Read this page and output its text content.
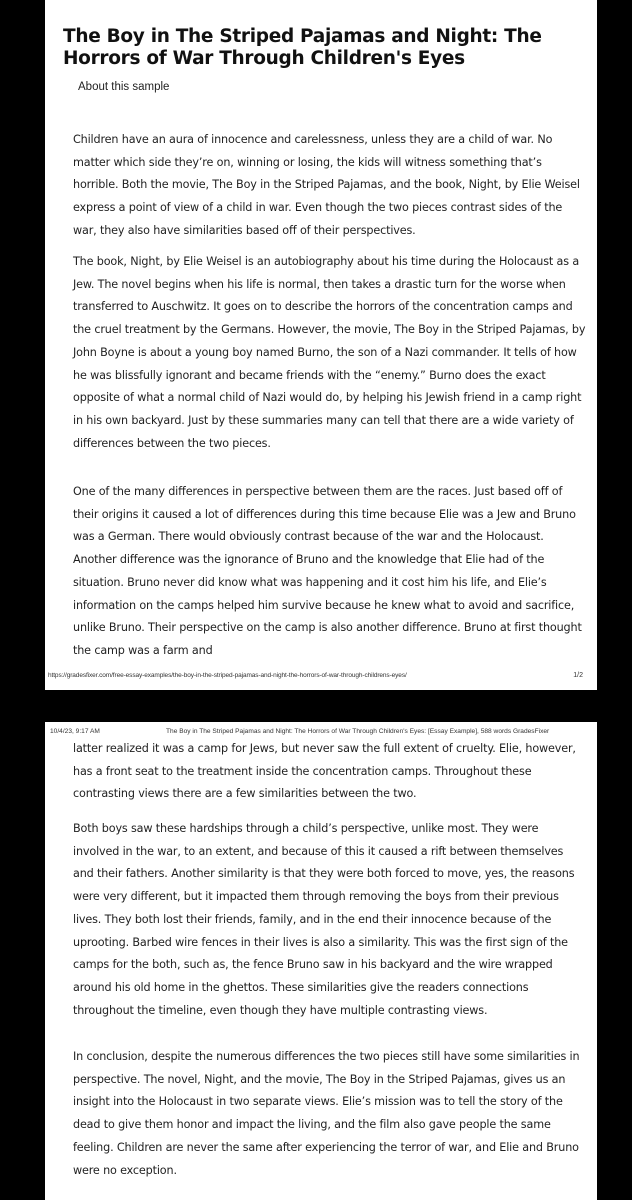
The Boy in The Striped Pajamas and Night: The Horrors of War Through Children's Eyes
About this sample

Children have an aura of innocence and carelessness, unless they are a child of war. No matter which side they’re on, winning or losing, the kids will witness something that’s horrible. Both the movie, The Boy in the Striped Pajamas, and the book, Night, by Elie Weisel express a point of view of a child in war. Even though the two pieces contrast sides of the war, they also have similarities based off of their perspectives.

The book, Night, by Elie Weisel is an autobiography about his time during the Holocaust as a Jew. The novel begins when his life is normal, then takes a drastic turn for the worse when transferred to Auschwitz. It goes on to describe the horrors of the concentration camps and the cruel treatment by the Germans. However, the movie, The Boy in the Striped Pajamas, by John Boyne is about a young boy named Burno, the son of a Nazi commander. It tells of how he was blissfully ignorant and became friends with the “enemy.” Burno does the exact opposite of what a normal child of Nazi would do, by helping his Jewish friend in a camp right in his own backyard. Just by these summaries many can tell that there are a wide variety of differences between the two pieces.

One of the many differences in perspective between them are the races. Just based off of their origins it caused a lot of differences during this time because Elie was a Jew and Bruno was a German. There would obviously contrast because of the war and the Holocaust. Another difference was the ignorance of Bruno and the knowledge that Elie had of the situation. Bruno never did know what was happening and it cost him his life, and Elie’s information on the camps helped him survive because he knew what to avoid and sacrifice, unlike Bruno. Their perspective on the camp is also another difference. Bruno at first thought the camp was a farm and

https://gradesfixer.com/free-essay-examples/the-boy-in-the-striped-pajamas-and-night-the-horrors-of-war-through-childrens-eyes/	1/2
10/4/23, 9:17 AM	The Boy in The Striped Pajamas and Night: The Horrors of War Through Children's Eyes: [Essay Example], 588 words GradesFixer

latter realized it was a camp for Jews, but never saw the full extent of cruelty. Elie, however, has a front seat to the treatment inside the concentration camps. Throughout these contrasting views there are a few similarities between the two.

Both boys saw these hardships through a child’s perspective, unlike most. They were involved in the war, to an extent, and because of this it caused a rift between themselves and their fathers. Another similarity is that they were both forced to move, yes, the reasons were very different, but it impacted them through removing the boys from their previous lives. They both lost their friends, family, and in the end their innocence because of the uprooting. Barbed wire fences in their lives is also a similarity. This was the first sign of the camps for the both, such as, the fence Bruno saw in his backyard and the wire wrapped around his old home in the ghettos. These similarities give the readers connections throughout the timeline, even though they have multiple contrasting views.

In conclusion, despite the numerous differences the two pieces still have some similarities in perspective. The novel, Night, and the movie, The Boy in the Striped Pajamas, gives us an insight into the Holocaust in two separate views. Elie’s mission was to tell the story of the dead to give them honor and impact the living, and the film also gave people the same feeling. Children are never the same after experiencing the terror of war, and Elie and Bruno were no exception.
